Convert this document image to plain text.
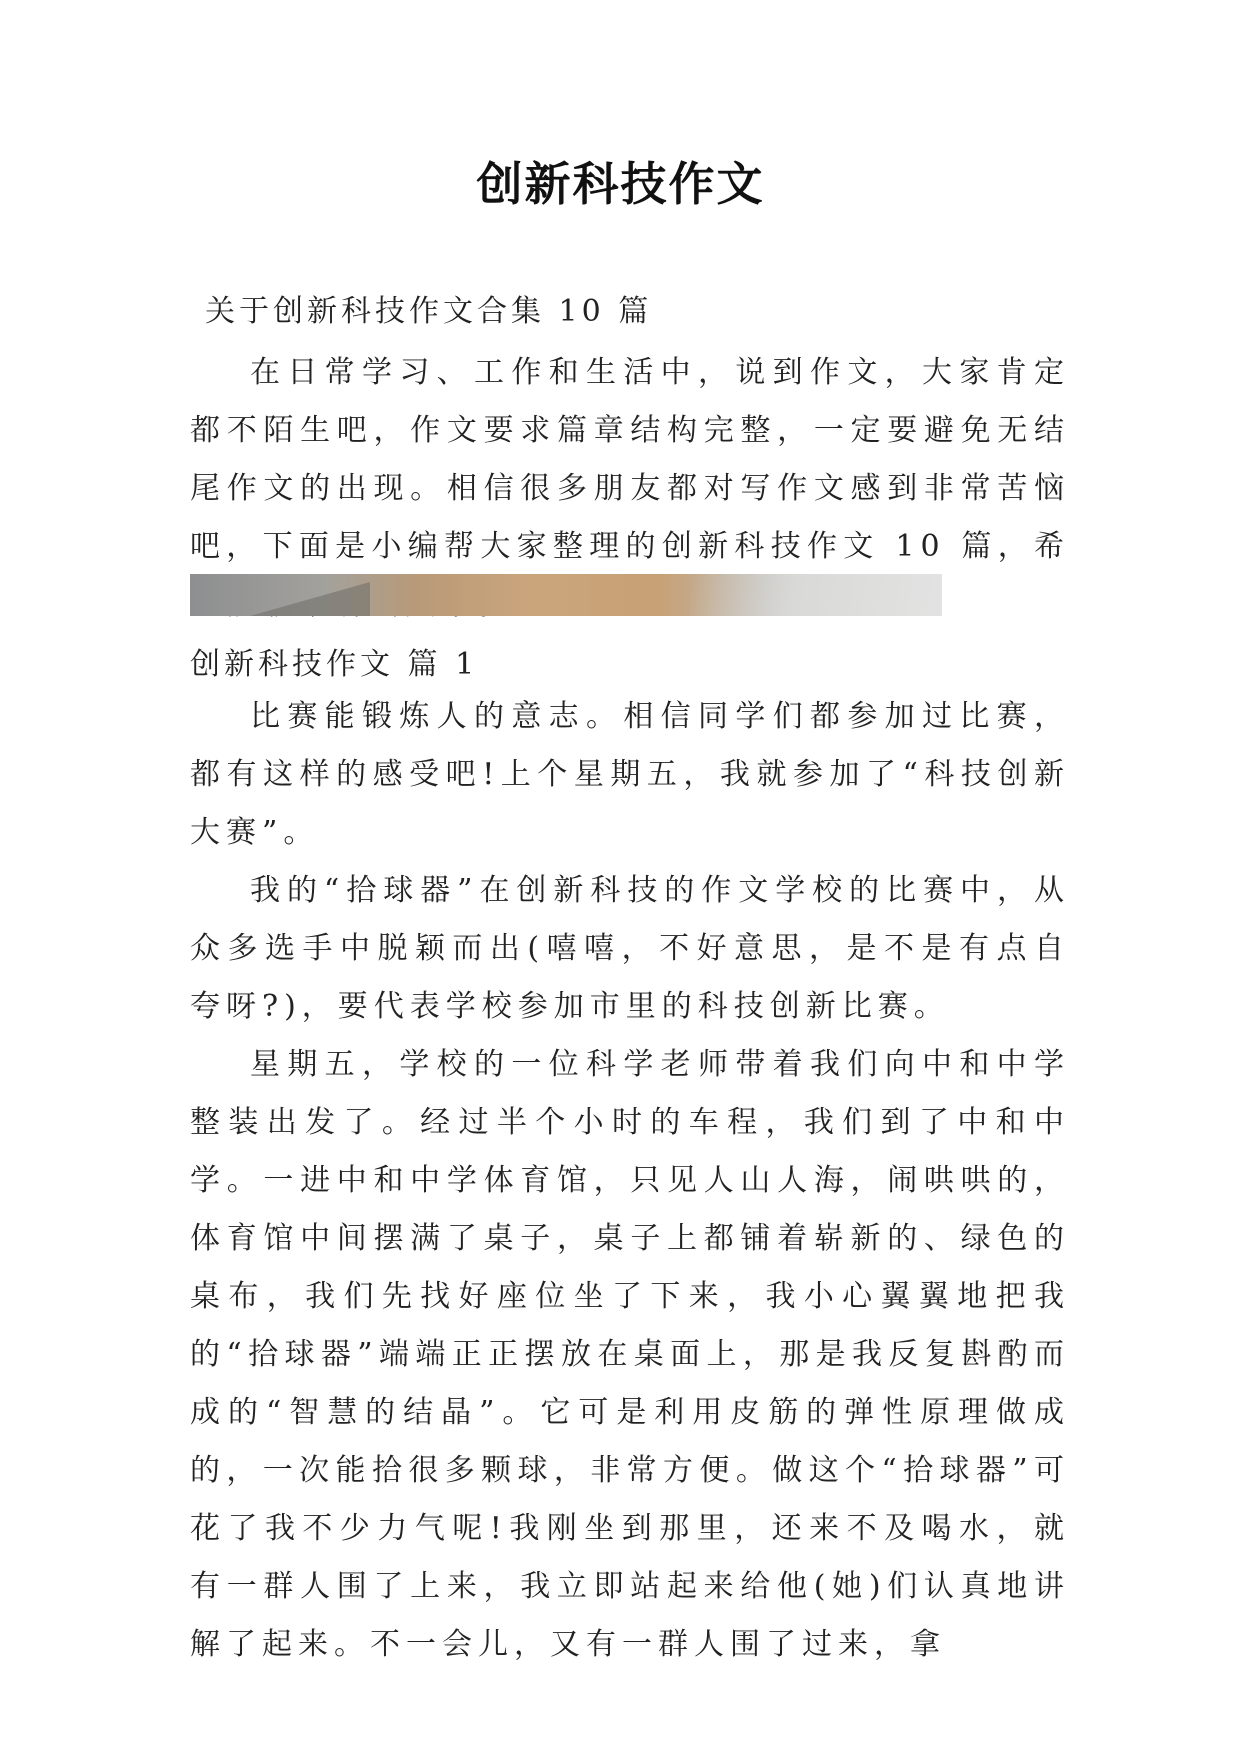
创新科技作文
关于创新科技作文合集 10 篇

在日常学习、工作和生活中，说到作文，大家肯定都不陌生吧，作文要求篇章结构完整，一定要避免无结尾作文的出现。相信很多朋友都对写作文感到非常苦恼吧，下面是小编帮大家整理的创新科技作文 10 篇，希

创新科技作文 篇 1

比赛能锻炼人的意志。相信同学们都参加过比赛，都有这样的感受吧!上个星期五，我就参加了“科技创新大赛”。

我的“拾球器”在创新科技的作文学校的比赛中，从众多选手中脱颖而出(嘻嘻，不好意思，是不是有点自夸呀?)，要代表学校参加市里的科技创新比赛。

星期五，学校的一位科学老师带着我们向中和中学整装出发了。经过半个小时的车程，我们到了中和中学。一进中和中学体育馆，只见人山人海，闹哄哄的，体育馆中间摆满了桌子，桌子上都铺着崭新的、绿色的桌布，我们先找好座位坐了下来，我小心翼翼地把我的“拾球器”端端正正摆放在桌面上，那是我反复斟酌而成的“智慧的结晶”。它可是利用皮筋的弹性原理做成的，一次能拾很多颗球，非常方便。做这个“拾球器”可花了我不少力气呢!我刚坐到那里，还来不及喝水，就有一群人围了上来，我立即站起来给他(她)们认真地讲解了起来。不一会儿，又有一群人围了过来，拿
